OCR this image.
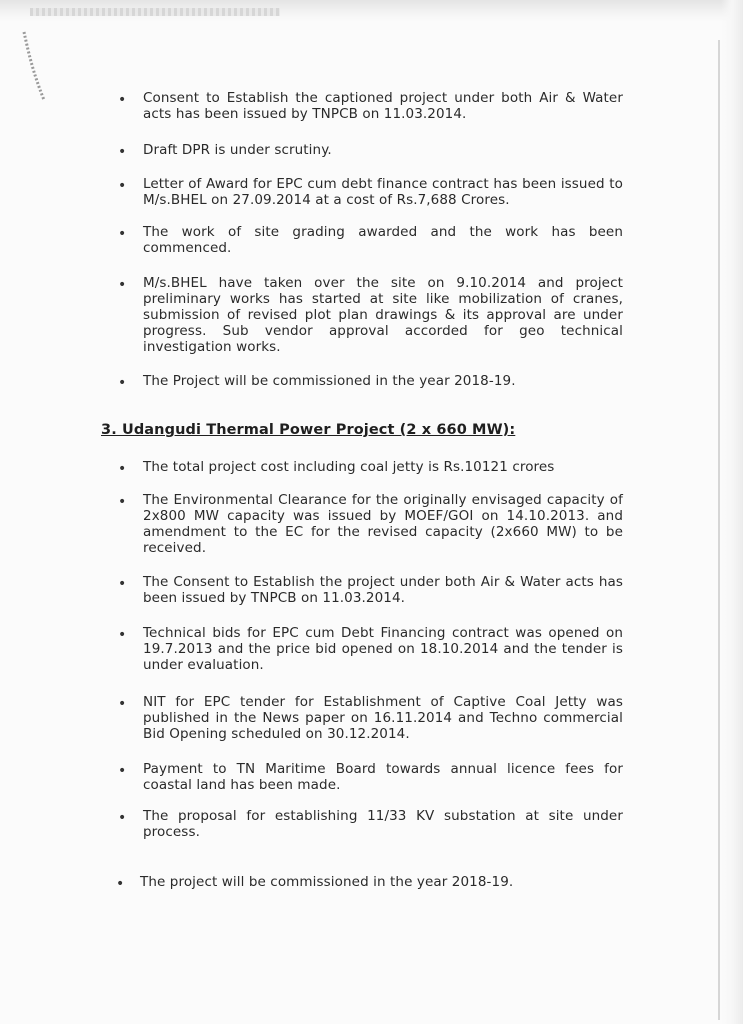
• Consent to Establish the captioned project under both Air & Water acts has been issued by TNPCB on 11.03.2014.
• Draft DPR is under scrutiny.
• Letter of Award for EPC cum debt finance contract has been issued to M/s.BHEL on 27.09.2014 at a cost of Rs.7,688 Crores.
• The work of site grading awarded and the work has been commenced.
• M/s.BHEL have taken over the site on 9.10.2014 and project preliminary works has started at site like mobilization of cranes, submission of revised plot plan drawings & its approval are under progress. Sub vendor approval accorded for geo technical investigation works.
• The Project will be commissioned in the year 2018-19.
3. Udangudi Thermal Power Project (2 x 660 MW):
• The total project cost including coal jetty is Rs.10121 crores
• The Environmental Clearance for the originally envisaged capacity of 2x800 MW capacity was issued by MOEF/GOI on 14.10.2013. and amendment to the EC for the revised capacity (2x660 MW) to be received.
• The Consent to Establish the project under both Air & Water acts has been issued by TNPCB on 11.03.2014.
• Technical bids for EPC cum Debt Financing contract was opened on 19.7.2013 and the price bid opened on 18.10.2014 and the tender is under evaluation.
• NIT for EPC tender for Establishment of Captive Coal Jetty was published in the News paper on 16.11.2014 and Techno commercial Bid Opening scheduled on 30.12.2014.
• Payment to TN Maritime Board towards annual licence fees for coastal land has been made.
• The proposal for establishing 11/33 KV substation at site under process.
• The project will be commissioned in the year 2018-19.
